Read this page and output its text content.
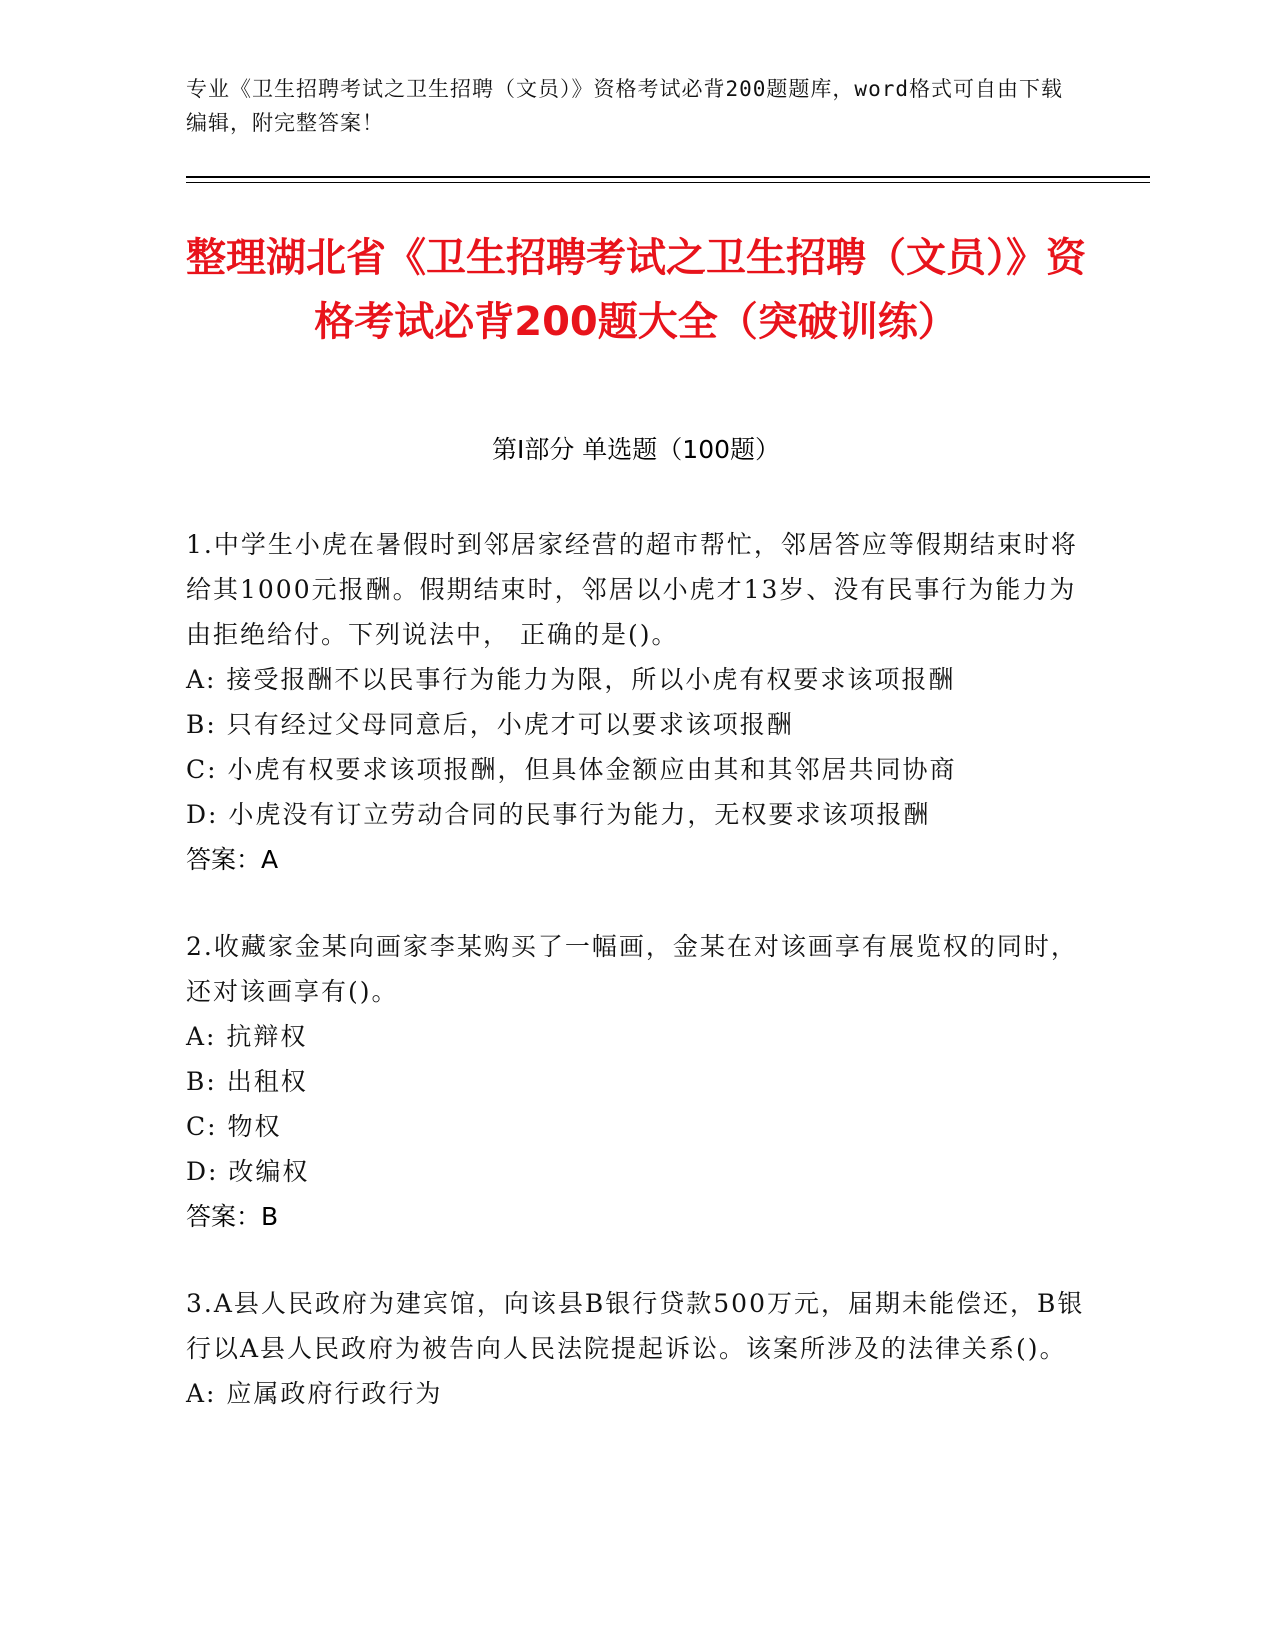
专业《卫生招聘考试之卫生招聘（文员）》资格考试必背200题题库，word格式可自由下载编辑，附完整答案！
整理湖北省《卫生招聘考试之卫生招聘（文员）》资格考试必背200题大全（突破训练）
第I部分 单选题（100题）

1.中学生小虎在暑假时到邻居家经营的超市帮忙，邻居答应等假期结束时将给其1000元报酬。假期结束时，邻居以小虎才13岁、没有民事行为能力为由拒绝给付。下列说法中， 正确的是()。

A: 接受报酬不以民事行为能力为限，所以小虎有权要求该项报酬

B: 只有经过父母同意后，小虎才可以要求该项报酬

C: 小虎有权要求该项报酬，但具体金额应由其和其邻居共同协商

D: 小虎没有订立劳动合同的民事行为能力，无权要求该项报酬

答案：A

2.收藏家金某向画家李某购买了一幅画，金某在对该画享有展览权的同时，还对该画享有()。

A: 抗辩权

B: 出租权

C: 物权

D: 改编权

答案：B

3.A县人民政府为建宾馆，向该县B银行贷款500万元，届期未能偿还，B银行以A县人民政府为被告向人民法院提起诉讼。该案所涉及的法律关系()。

A: 应属政府行政行为
